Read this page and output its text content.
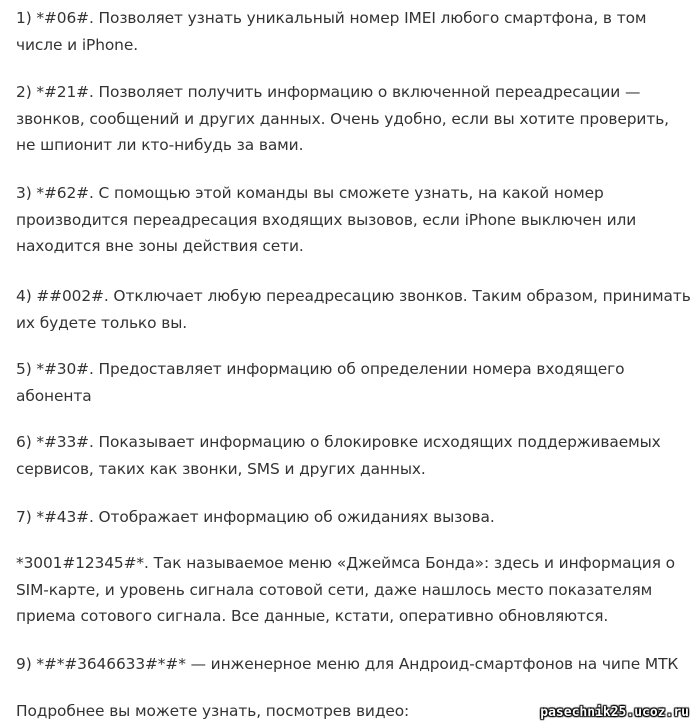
1) *#06#. Позволяет узнать уникальный номер IMEI любого смартфона, в том числе и iPhone.

2) *#21#. Позволяет получить информацию о включенной переадресации — звонков, сообщений и других данных. Очень удобно, если вы хотите проверить, не шпионит ли кто-нибудь за вами.

3) *#62#. С помощью этой команды вы сможете узнать, на какой номер производится переадресация входящих вызовов, если iPhone выключен или находится вне зоны действия сети.

4) ##002#. Отключает любую переадресацию звонков. Таким образом, принимать их будете только вы.

5) *#30#. Предоставляет информацию об определении номера входящего абонента

6) *#33#. Показывает информацию о блокировке исходящих поддерживаемых сервисов, таких как звонки, SMS и других данных.

7) *#43#. Отображает информацию об ожиданиях вызова.

*3001#12345#*. Так называемое меню «Джеймса Бонда»: здесь и информация о SIM-карте, и уровень сигнала сотовой сети, даже нашлось место показателям приема сотового сигнала. Все данные, кстати, оперативно обновляются.

9) *#*#3646633#*#* — инженерное меню для Андроид-смартфонов на чипе МТК

Подробнее вы можете узнать, посмотрев видео:	pasechnik25.ucoz.ru
